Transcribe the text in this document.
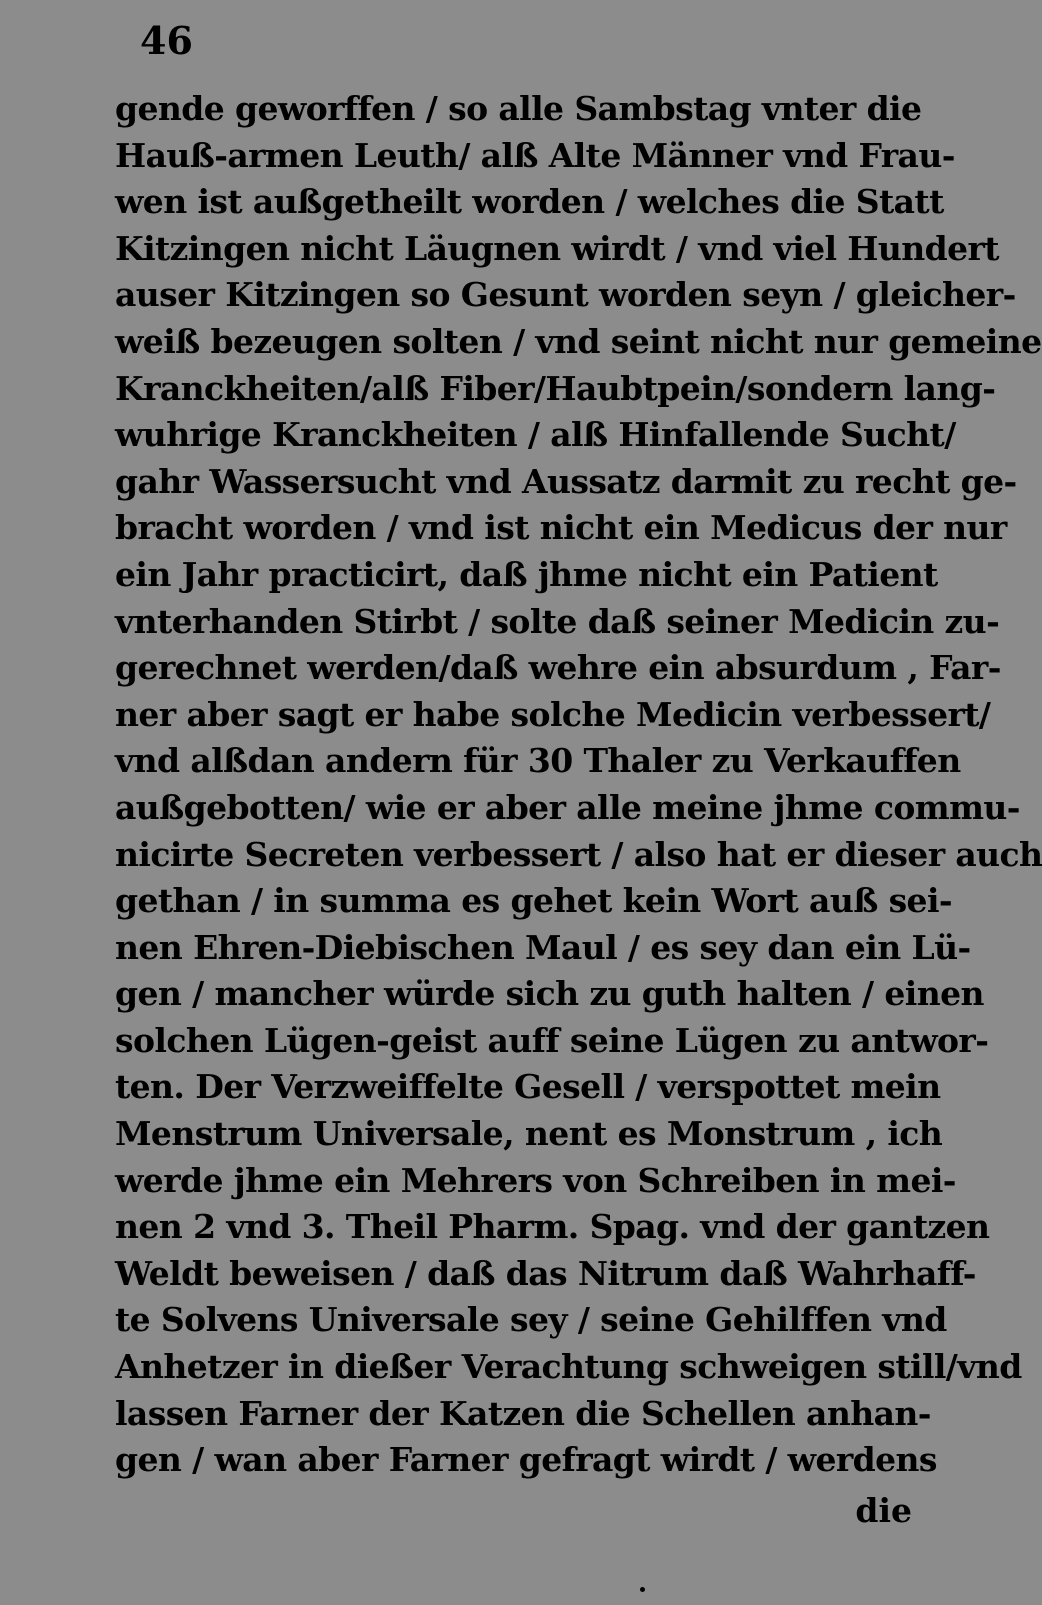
46
gende geworffen / so alle Sambstag vnter die
Hauß-armen Leuth/ alß Alte Männer vnd Frau-
wen ist außgetheilt worden / welches die Statt
Kitzingen nicht Läugnen wirdt / vnd viel Hundert
auser Kitzingen so Gesunt worden seyn / gleicher-
weiß bezeugen solten / vnd seint nicht nur gemeine
Kranckheiten/alß Fiber/Haubtpein/sondern lang-
wuhrige Kranckheiten / alß Hinfallende Sucht/
gahr Wassersucht vnd Aussatz darmit zu recht ge-
bracht worden / vnd ist nicht ein Medicus der nur
ein Jahr practicirt, daß jhme nicht ein Patient
vnterhanden Stirbt / solte daß seiner Medicin zu-
gerechnet werden/daß wehre ein absurdum , Far-
ner aber sagt er habe solche Medicin verbessert/
vnd alßdan andern für 30 Thaler zu Verkauffen
außgebotten/ wie er aber alle meine jhme commu-
nicirte Secreten verbessert / also hat er dieser auch
gethan / in summa es gehet kein Wort auß sei-
nen Ehren-Diebischen Maul / es sey dan ein Lü-
gen / mancher würde sich zu guth halten / einen
solchen Lügen-geist auff seine Lügen zu antwor-
ten. Der Verzweiffelte Gesell / verspottet mein
Menstrum Universale, nent es Monstrum , ich
werde jhme ein Mehrers von Schreiben in mei-
nen 2 vnd 3. Theil Pharm. Spag. vnd der gantzen
Weldt beweisen / daß das Nitrum daß Wahrhaff-
te Solvens Universale sey / seine Gehilffen vnd
Anhetzer in dießer Verachtung schweigen still/vnd
lassen Farner der Katzen die Schellen anhan-
gen / wan aber Farner gefragt wirdt / werdens
die
